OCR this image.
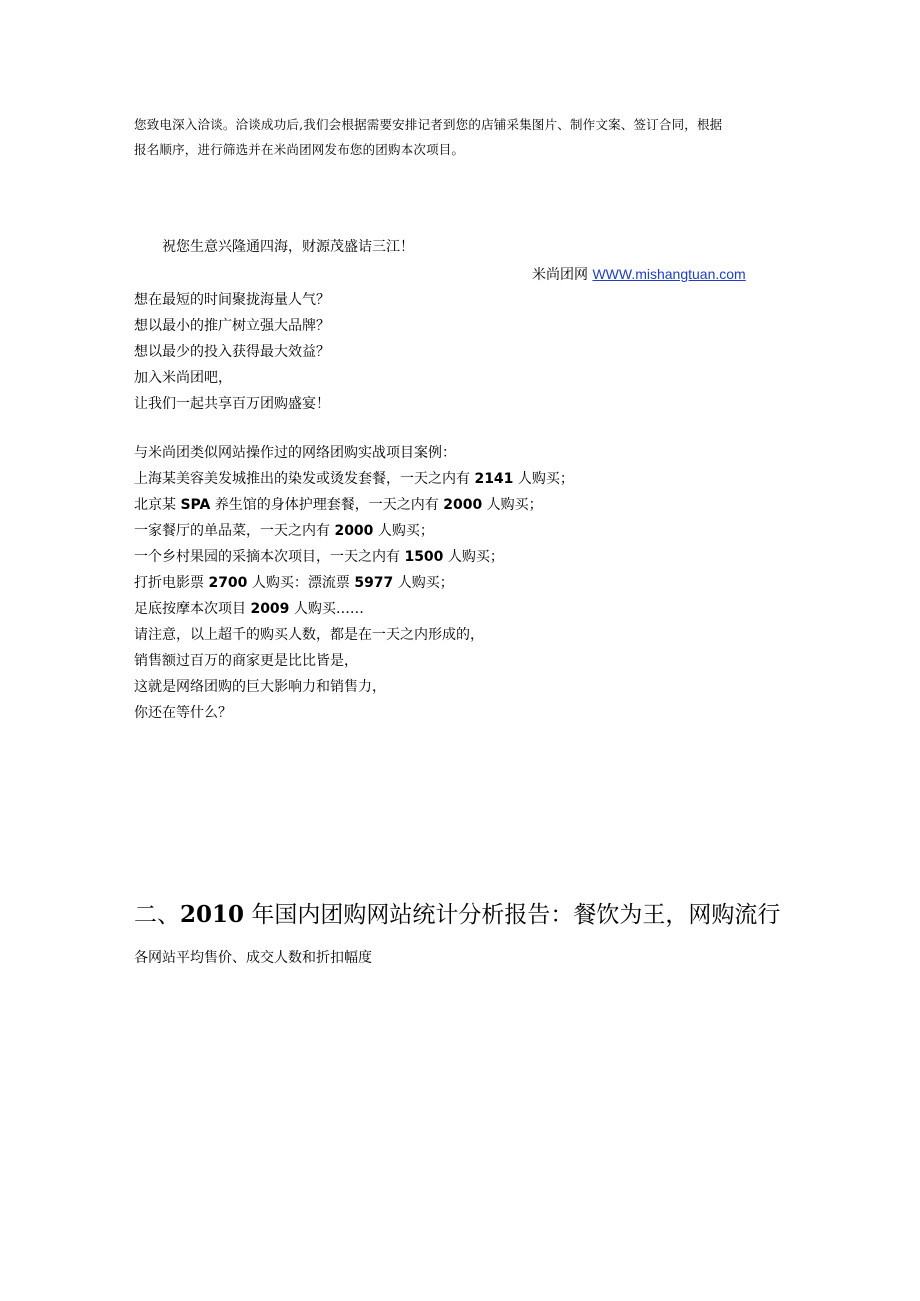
您致电深入洽谈。洽谈成功后,我们会根据需要安排记者到您的店铺采集图片、制作文案、签订合同，根据

报名顺序，进行筛选并在米尚团网发布您的团购本次项目。

祝您生意兴隆通四海，财源茂盛诘三江！
米尚团网 WWW.mishangtuan.com

想在最短的时间聚拢海量人气？

想以最小的推广树立强大品牌？

想以最少的投入获得最大效益？

加入米尚团吧，

让我们一起共享百万团购盛宴！

与米尚团类似网站操作过的网络团购实战项目案例：

上海某美容美发城推出的染发或烫发套餐，一天之内有 2141 人购买；

北京某 SPA 养生馆的身体护理套餐，一天之内有 2000 人购买；

一家餐厅的单品菜，一天之内有 2000 人购买；

一个乡村果园的采摘本次项目，一天之内有 1500 人购买；

打折电影票 2700 人购买：漂流票 5977 人购买；

足底按摩本次项目 2009 人购买……

请注意，以上超千的购买人数，都是在一天之内形成的，

销售额过百万的商家更是比比皆是，

这就是网络团购的巨大影响力和销售力，

你还在等什么？

二、2010 年国内团购网站统计分析报告：餐饮为王，网购流行
各网站平均售价、成交人数和折扣幅度
